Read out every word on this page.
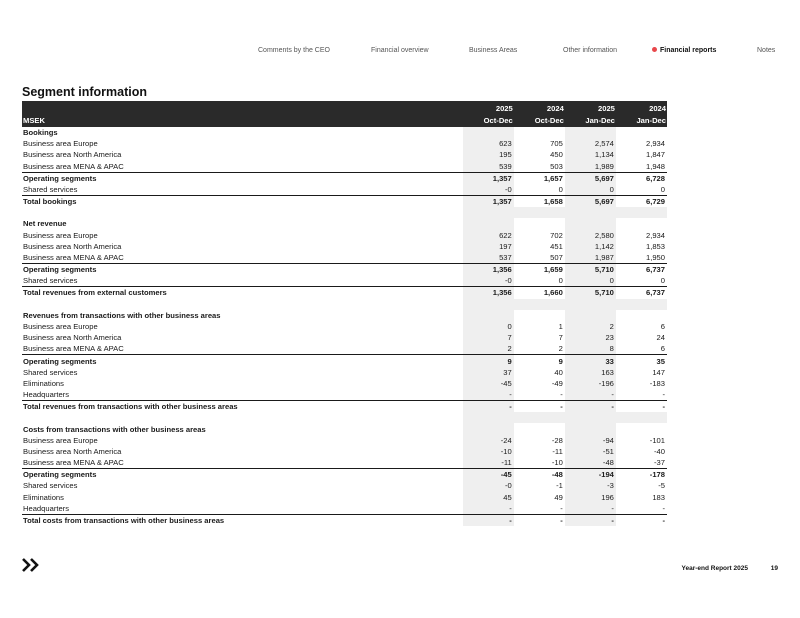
Comments by the CEO	Financial overview	Business Areas	Other information	Financial reports	Notes
Segment information
	2025	2024	2025	2024
MSEK	Oct-Dec	Oct-Dec	Jan-Dec	Jan-Dec
Bookings				
Business area Europe	623	705	2,574	2,934
Business area North America	195	450	1,134	1,847
Business area MENA & APAC	539	503	1,989	1,948
Operating segments	1,357	1,657	5,697	6,728
Shared services	-0	0	0	0
Total bookings	1,357	1,658	5,697	6,729

Net revenue				
Business area Europe	622	702	2,580	2,934
Business area North America	197	451	1,142	1,853
Business area MENA & APAC	537	507	1,987	1,950
Operating segments	1,356	1,659	5,710	6,737
Shared services	-0	0	0	0
Total revenues from external customers	1,356	1,660	5,710	6,737

Revenues from transactions with other business areas				
Business area Europe	0	1	2	6
Business area North America	7	7	23	24
Business area MENA & APAC	2	2	8	6
Operating segments	9	9	33	35
Shared services	37	40	163	147
Eliminations	-45	-49	-196	-183
Headquarters	-	-	-	-
Total revenues from transactions with other business areas	-	-	-	-

Costs from transactions with other business areas				
Business area Europe	-24	-28	-94	-101
Business area North America	-10	-11	-51	-40
Business area MENA & APAC	-11	-10	-48	-37
Operating segments	-45	-48	-194	-178
Shared services	-0	-1	-3	-5
Eliminations	45	49	196	183
Headquarters	-	-	-	-
Total costs from transactions with other business areas	-	-	-	-
Year-end Report 2025	19
